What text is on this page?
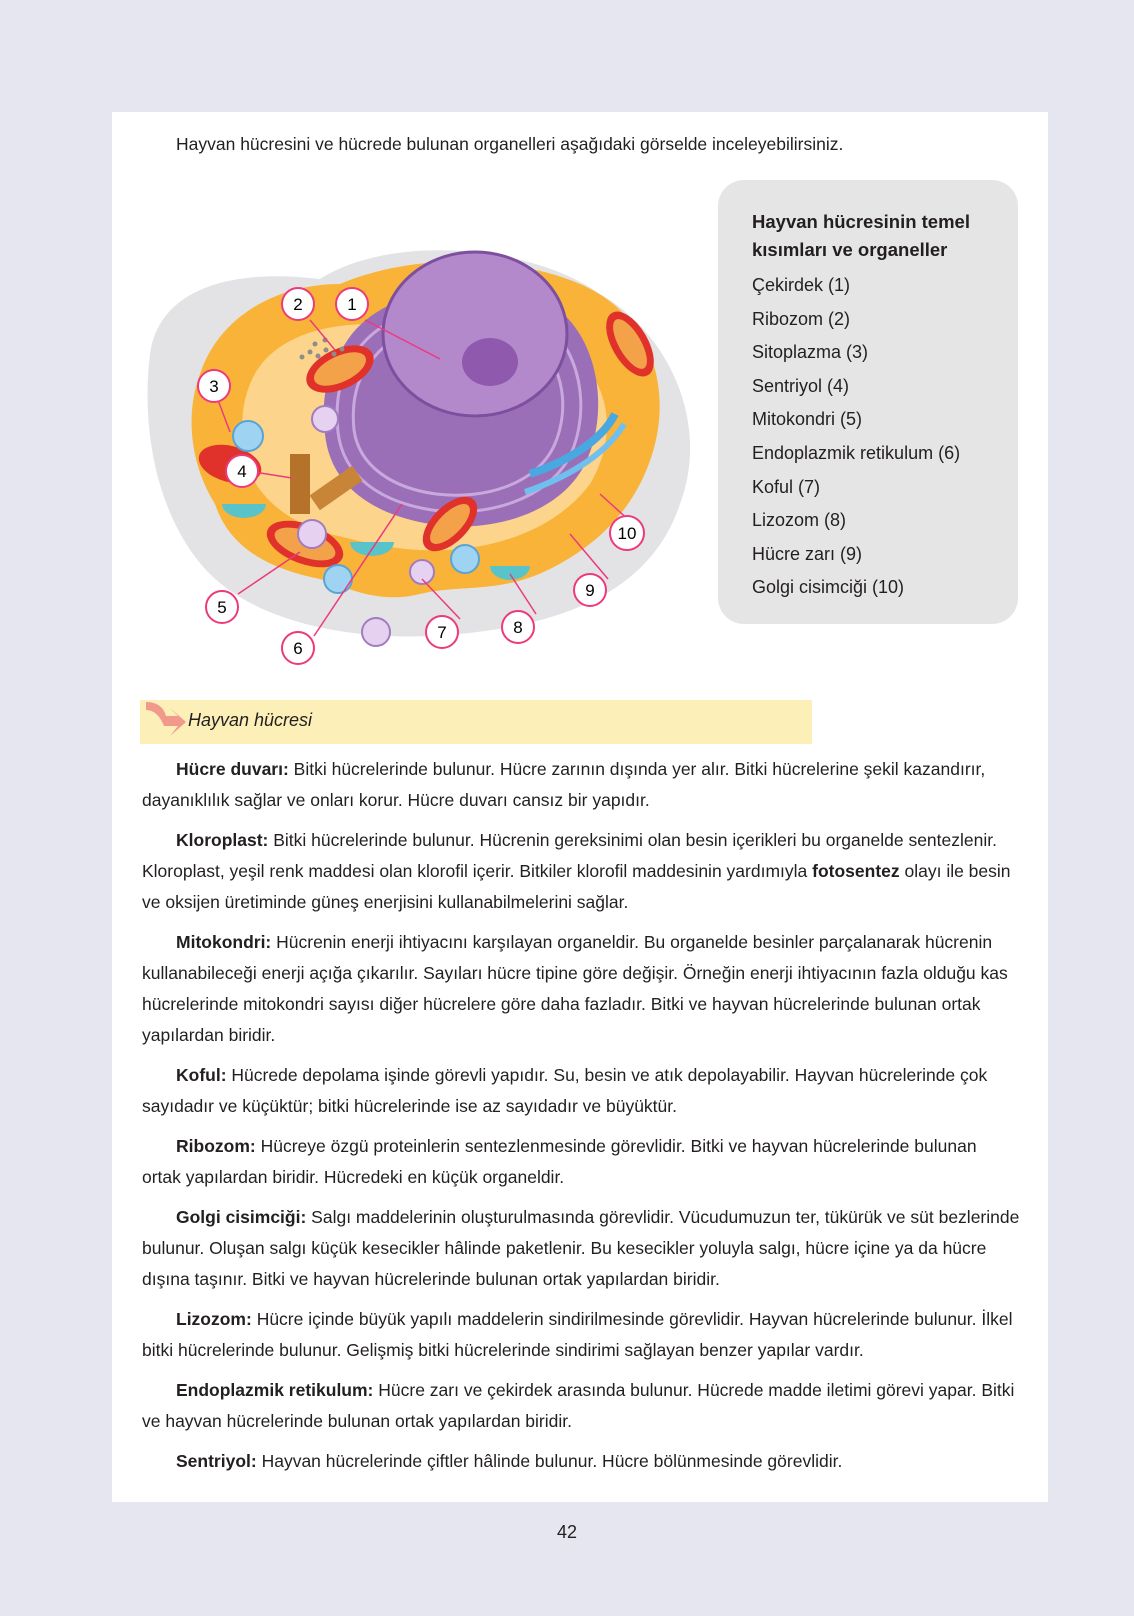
Hayvan hücresini ve hücrede bulunan organelleri aşağıdaki görselde inceleyebilirsiniz.

1
2
3
4
5
6
7	8
9
10
Hayvan hücresi
Hayvan hücresinin temel kısımları ve organeller
Çekirdek (1)
Ribozom (2)
Sitoplazma (3)
Sentriyol (4)
Mitokondri (5)
Endoplazmik retikulum (6)
Koful (7)
Lizozom (8)
Hücre zarı (9)
Golgi cisimciği (10)

Hücre duvarı: Bitki hücrelerinde bulunur. Hücre zarının dışında yer alır. Bitki hücrelerine şekil kazandırır, dayanıklılık sağlar ve onları korur. Hücre duvarı cansız bir yapıdır.

Kloroplast: Bitki hücrelerinde bulunur. Hücrenin gereksinimi olan besin içerikleri bu organelde sentezlenir. Kloroplast, yeşil renk maddesi olan klorofil içerir. Bitkiler klorofil maddesinin yardımıyla fotosentez olayı ile besin ve oksijen üretiminde güneş enerjisini kullanabilmelerini sağlar.

Mitokondri: Hücrenin enerji ihtiyacını karşılayan organeldir. Bu organelde besinler parçalanarak hücrenin kullanabileceği enerji açığa çıkarılır. Sayıları hücre tipine göre değişir. Örneğin enerji ihtiyacının fazla olduğu kas hücrelerinde mitokondri sayısı diğer hücrelere göre daha fazladır. Bitki ve hayvan hücrelerinde bulunan ortak yapılardan biridir.

Koful: Hücrede depolama işinde görevli yapıdır. Su, besin ve atık depolayabilir. Hayvan hücrelerinde çok sayıdadır ve küçüktür; bitki hücrelerinde ise az sayıdadır ve büyüktür.

Ribozom: Hücreye özgü proteinlerin sentezlenmesinde görevlidir. Bitki ve hayvan hücrelerinde bulunan ortak yapılardan biridir. Hücredeki en küçük organeldir.

Golgi cisimciği: Salgı maddelerinin oluşturulmasında görevlidir. Vücudumuzun ter, tükürük ve süt bezlerinde bulunur. Oluşan salgı küçük kesecikler hâlinde paketlenir. Bu kesecikler yoluyla salgı, hücre içine ya da hücre dışına taşınır. Bitki ve hayvan hücrelerinde bulunan ortak yapılardan biridir.

Lizozom: Hücre içinde büyük yapılı maddelerin sindirilmesinde görevlidir. Hayvan hücrelerinde bulunur. İlkel bitki hücrelerinde bulunur. Gelişmiş bitki hücrelerinde sindirimi sağlayan benzer yapılar vardır.

Endoplazmik retikulum: Hücre zarı ve çekirdek arasında bulunur. Hücrede madde iletimi görevi yapar. Bitki ve hayvan hücrelerinde bulunan ortak yapılardan biridir.

Sentriyol: Hayvan hücrelerinde çiftler hâlinde bulunur. Hücre bölünmesinde görevlidir.

42
